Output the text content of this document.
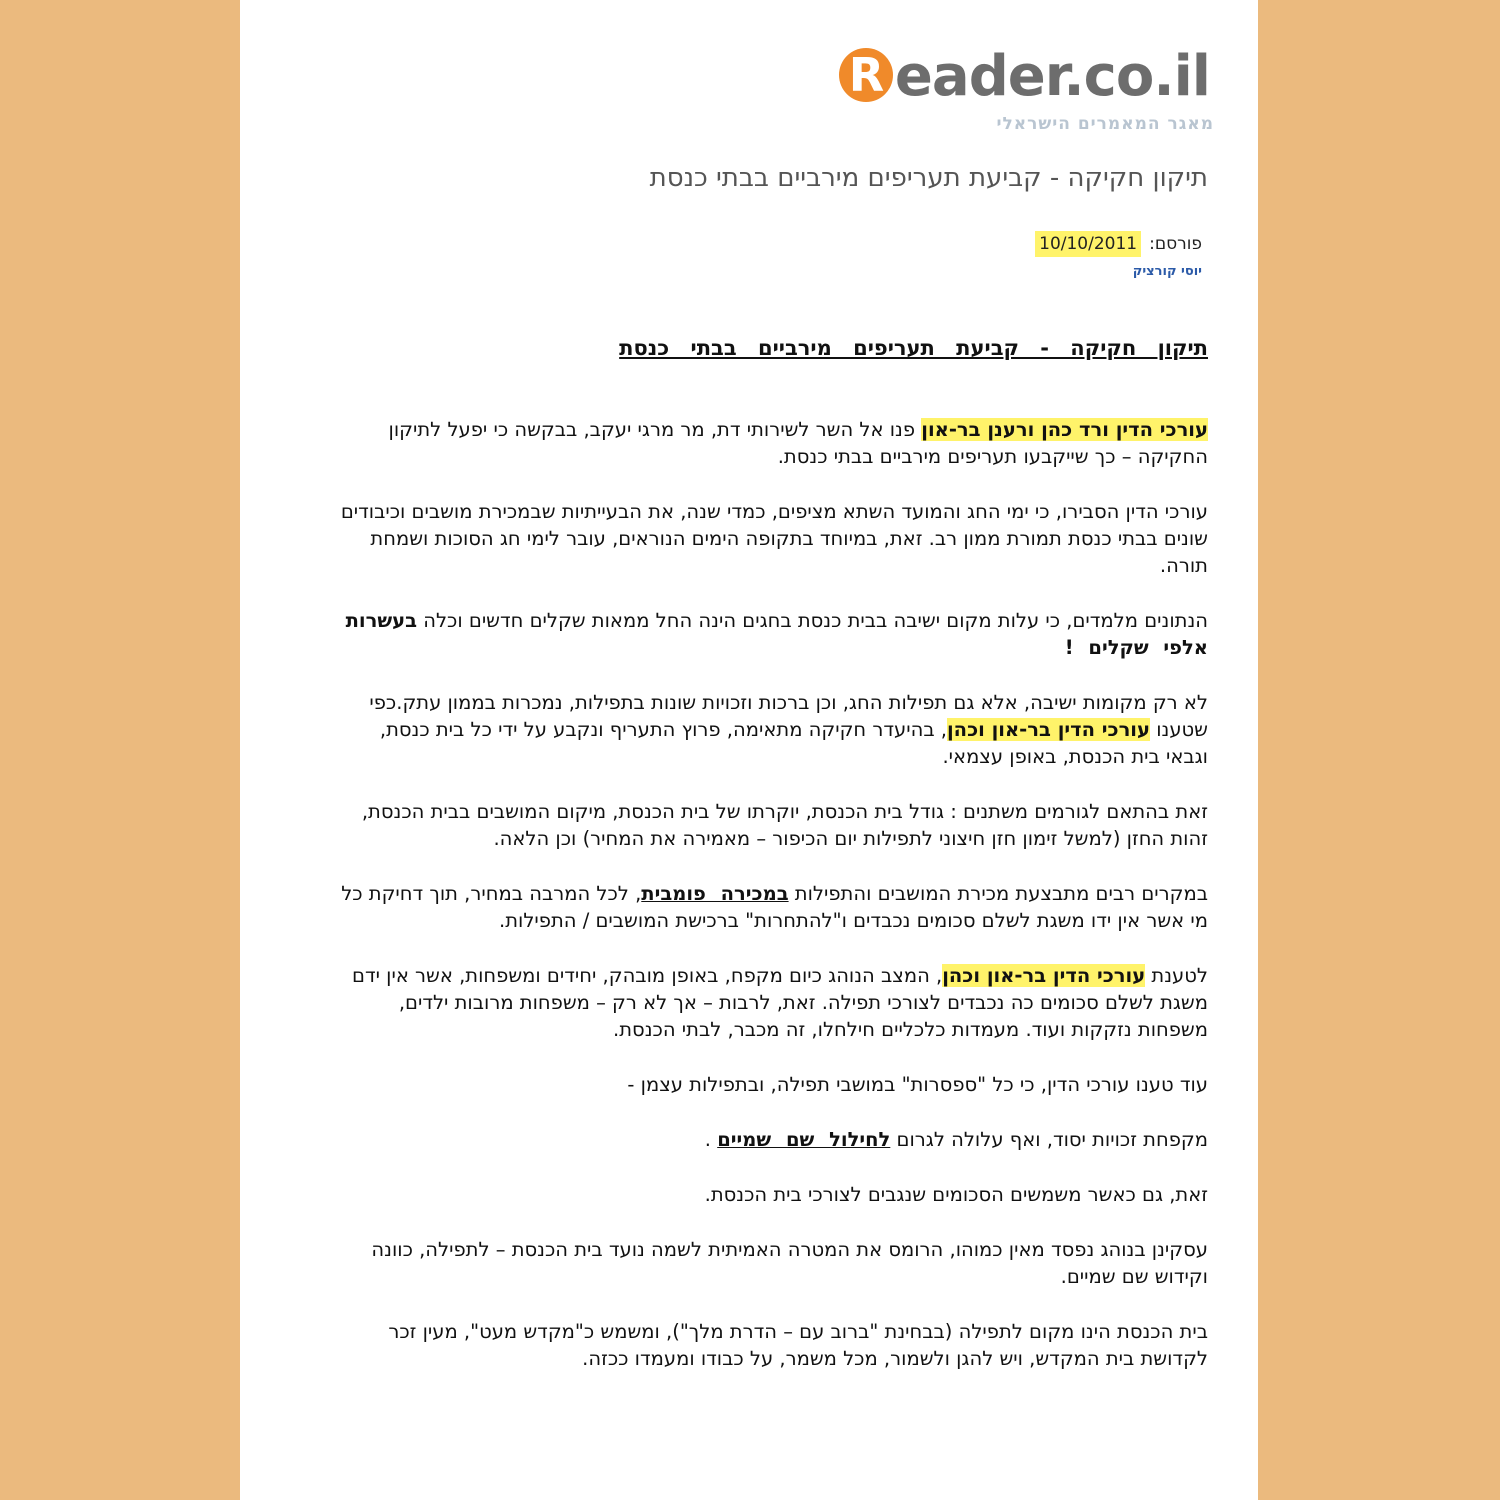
R eader.co.il
מאגר המאמרים הישראלי
תיקון חקיקה - קביעת תעריפים מירביים בבתי כנסת
פורסם:10/10/2011
יוסי קורציק
תיקון חקיקה - קביעת תעריפים מירביים בבתי כנסת

עורכי הדין ורד כהן ורענן בר-און פנו אל השר לשירותי דת, מר מרגי יעקב, בבקשה כי יפעל לתיקון החקיקה – כך שייקבעו תעריפים מירביים בבתי כנסת.

עורכי הדין הסבירו, כי ימי החג והמועד השתא מציפים, כמדי שנה, את הבעייתיות שבמכירת מושבים וכיבודים שונים בבתי כנסת תמורת ממון רב. זאת, במיוחד בתקופה הימים הנוראים, עובר לימי חג הסוכות ושמחת תורה.

הנתונים מלמדים, כי עלות מקום ישיבה בבית כנסת בחגים הינה החל ממאות שקלים חדשים וכלה בעשרות אלפי שקלים !

לא רק מקומות ישיבה, אלא גם תפילות החג, וכן ברכות וזכויות שונות בתפילות, נמכרות בממון עתק.כפי שטענו עורכי הדין בר-און וכהן, בהיעדר חקיקה מתאימה, פרוץ התעריף ונקבע על ידי כל בית כנסת, וגבאי בית הכנסת, באופן עצמאי.

זאת בהתאם לגורמים משתנים : גודל בית הכנסת, יוקרתו של בית הכנסת, מיקום המושבים בבית הכנסת, זהות החזן (למשל זימון חזן חיצוני לתפילות יום הכיפור – מאמירה את המחיר) וכן הלאה.

במקרים רבים מתבצעת מכירת המושבים והתפילות במכירה פומבית, לכל המרבה במחיר, תוך דחיקת כל מי אשר אין ידו משגת לשלם סכומים נכבדים ו"להתחרות" ברכישת המושבים / התפילות.

לטענת עורכי הדין בר-און וכהן, המצב הנוהג כיום מקפח, באופן מובהק, יחידים ומשפחות, אשר אין ידם משגת לשלם סכומים כה נכבדים לצורכי תפילה. זאת, לרבות – אך לא רק – משפחות מרובות ילדים, משפחות נזקקות ועוד. מעמדות כלכליים חילחלו, זה מכבר, לבתי הכנסת.

עוד טענו עורכי הדין, כי כל "ספסרות" במושבי תפילה, ובתפילות עצמן -

מקפחת זכויות יסוד, ואף עלולה לגרום לחילול שם שמיים .

זאת, גם כאשר משמשים הסכומים שנגבים לצורכי בית הכנסת.

עסקינן בנוהג נפסד מאין כמוהו, הרומס את המטרה האמיתית לשמה נועד בית הכנסת – לתפילה, כוונה וקידוש שם שמיים.

בית הכנסת הינו מקום לתפילה (בבחינת "ברוב עם – הדרת מלך"), ומשמש כ"מקדש מעט", מעין זכר לקדושת בית המקדש, ויש להגן ולשמור, מכל משמר, על כבודו ומעמדו ככזה.
